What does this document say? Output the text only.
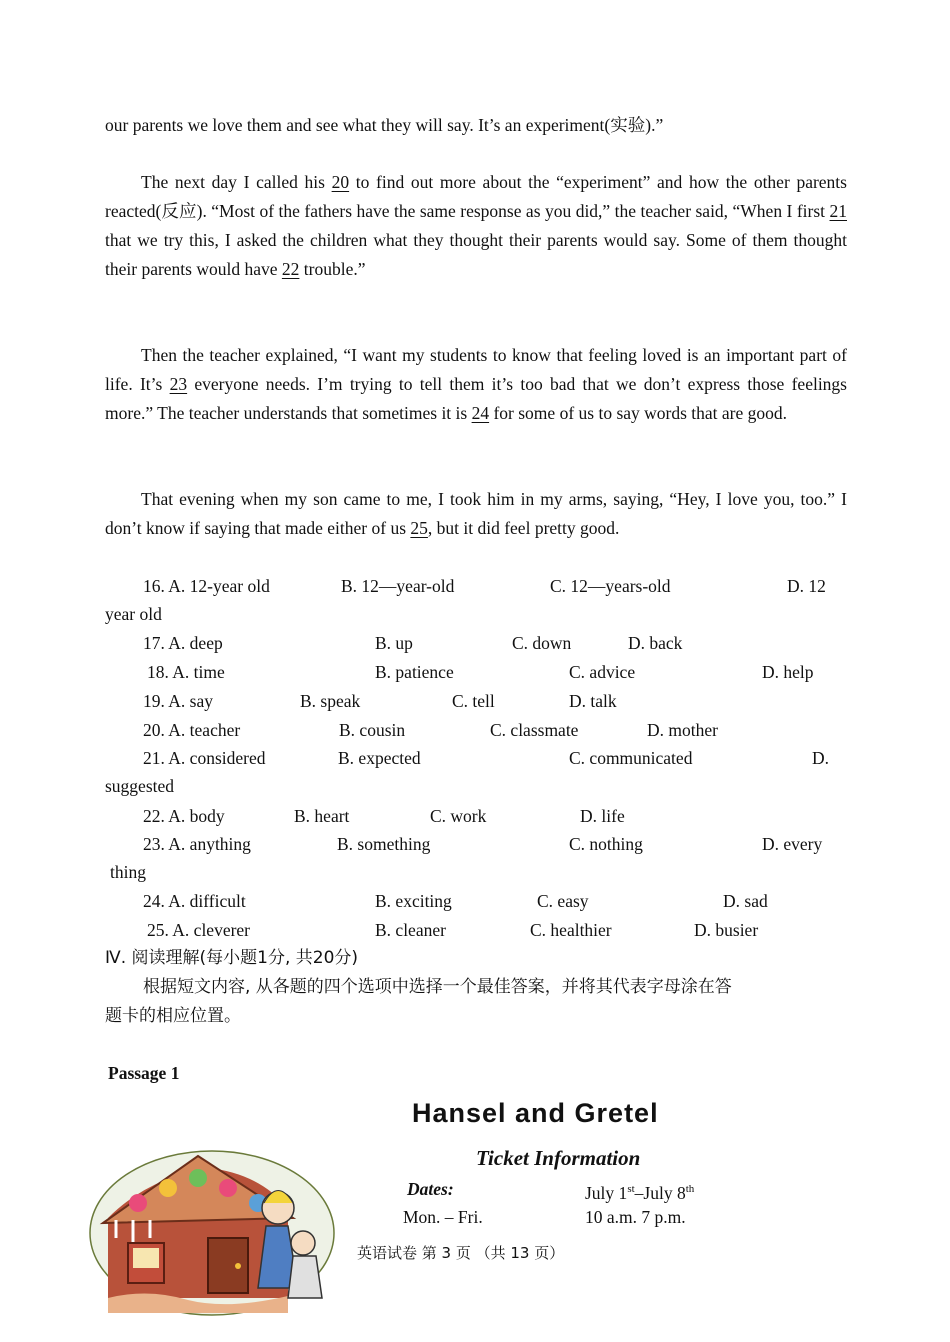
our parents we love them and see what they will say. It’s an experiment(实验).”

The next day I called his 20 to find out more about the “experiment” and how the other parents reacted(反应). “Most of the fathers have the same response as you did,” the teacher said, “When I first 21 that we try this, I asked the children what they thought their parents would say. Some of them thought their parents would have 22 trouble.”

Then the teacher explained, “I want my students to know that feeling loved is an important part of life. It’s 23 everyone needs. I’m trying to tell them it’s too bad that we don’t express those feelings more.” The teacher understands that sometimes it is 24 for some of us to say words that are good.

That evening when my son came to me, I took him in my arms, saying, “Hey, I love you, too.” I don’t know if saying that made either of us 25, but it did feel pretty good.

16. A. 12-year old	B. 12—year-old	C. 12—years-old	D. 12
year old
17. A. deep	B. up	C. down	D. back
18. A. time	B. patience	C. advice	D. help
19. A. say	B. speak	C. tell	D. talk
20. A. teacher	B. cousin	C. classmate	D. mother
21. A. considered	B. expected	C. communicated	D.
suggested
22. A. body	B. heart	C. work	D. life
23. A. anything	B. something	C. nothing	D. every
thing
24. A. difficult	B. exciting	C. easy	D. sad
25. A. cleverer	B. cleaner	C. healthier	D. busier
Ⅳ. 阅读理解(每小题1分, 共20分)
根据短文内容, 从各题的四个选项中选择一个最佳答案，并将其代表字母涂在答
题卡的相应位置。
Passage 1
Hansel and Gretel
Ticket Information
Dates:	July 1st–July 8th
Mon. – Fri.	10 a.m. 7 p.m.
英语试卷 第 3 页 （共 13 页）
